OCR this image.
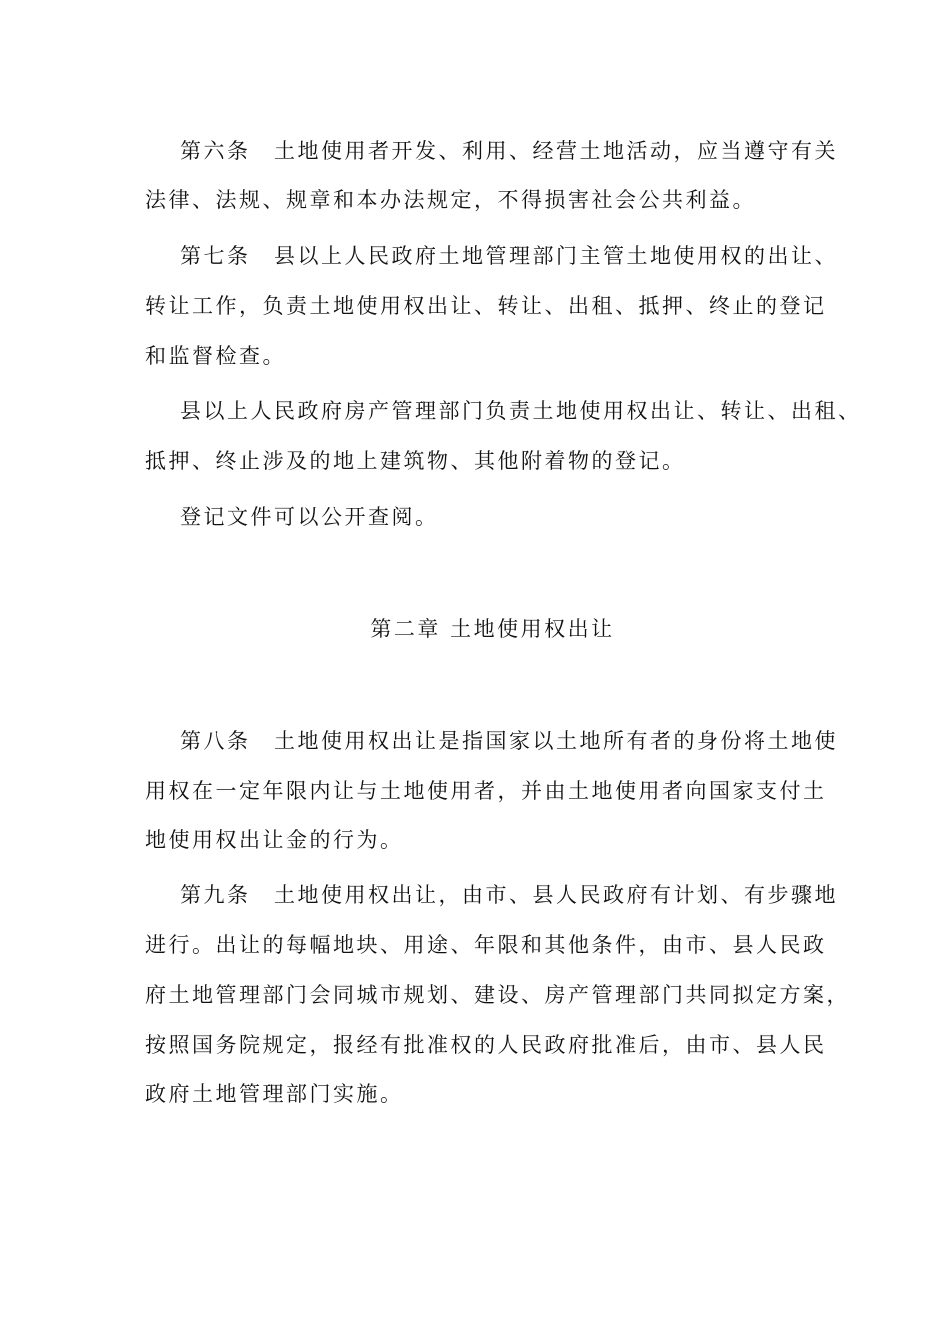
第六条　土地使用者开发、利用、经营土地活动，应当遵守有关
法律、法规、规章和本办法规定，不得损害社会公共利益。
第七条　县以上人民政府土地管理部门主管土地使用权的出让、
转让工作，负责土地使用权出让、转让、出租、抵押、终止的登记
和监督检查。
县以上人民政府房产管理部门负责土地使用权出让、转让、出租、
抵押、终止涉及的地上建筑物、其他附着物的登记。
登记文件可以公开查阅。
第二章 土地使用权出让
第八条　土地使用权出让是指国家以土地所有者的身份将土地使
用权在一定年限内让与土地使用者，并由土地使用者向国家支付土
地使用权出让金的行为。
第九条　土地使用权出让，由市、县人民政府有计划、有步骤地
进行。出让的每幅地块、用途、年限和其他条件，由市、县人民政
府土地管理部门会同城市规划、建设、房产管理部门共同拟定方案，
按照国务院规定，报经有批准权的人民政府批准后，由市、县人民
政府土地管理部门实施。
